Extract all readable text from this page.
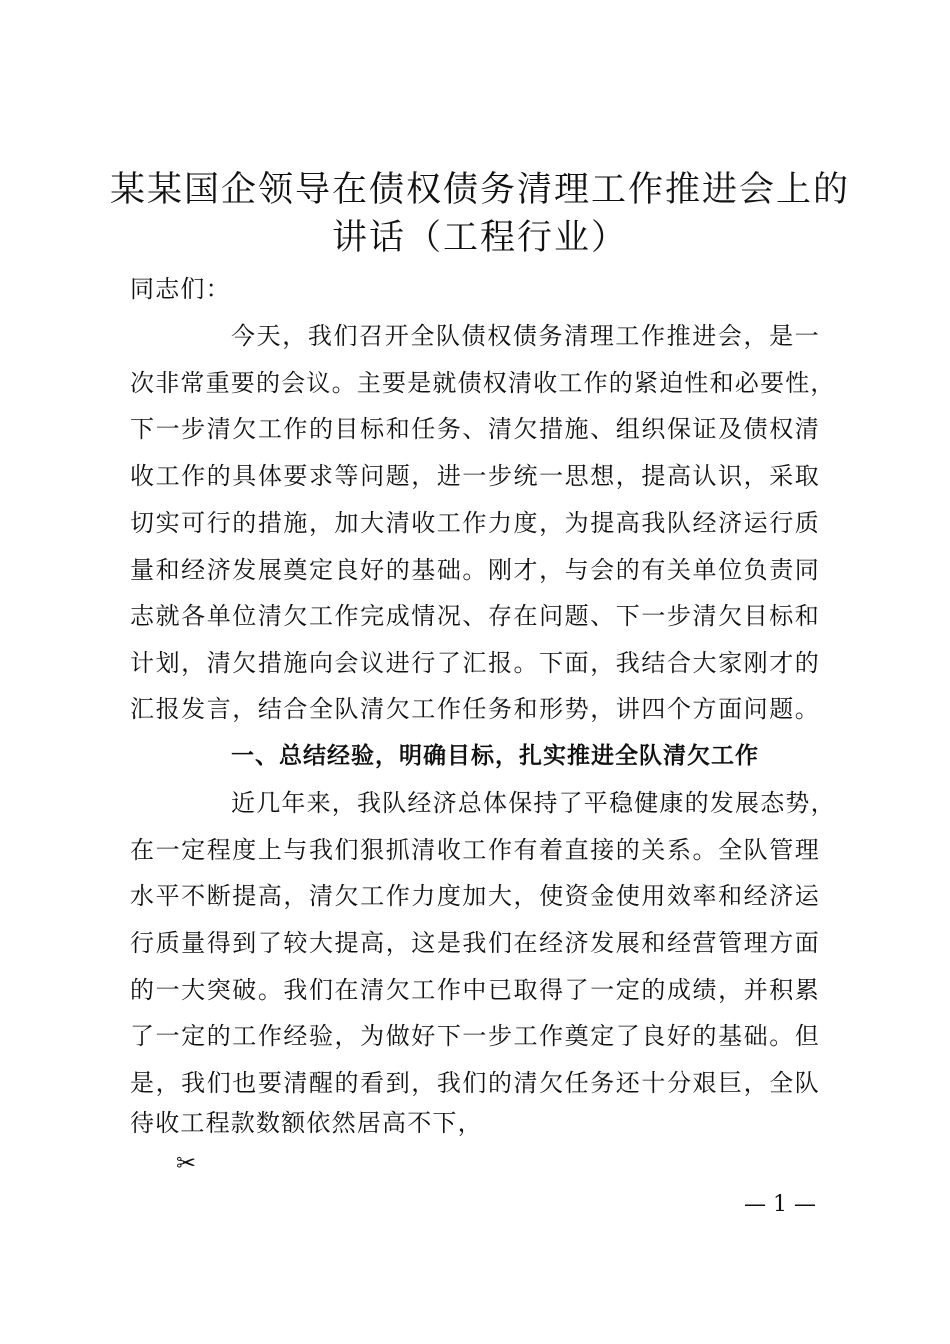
某某国企领导在债权债务清理工作推进会上的
讲话（工程行业）
同志们：
今天，我们召开全队债权债务清理工作推进会，是一
次非常重要的会议。主要是就债权清收工作的紧迫性和必要性，
下一步清欠工作的目标和任务、清欠措施、组织保证及债权清
收工作的具体要求等问题，进一步统一思想，提高认识，采取
切实可行的措施，加大清收工作力度，为提高我队经济运行质
量和经济发展奠定良好的基础。刚才，与会的有关单位负责同
志就各单位清欠工作完成情况、存在问题、下一步清欠目标和
计划，清欠措施向会议进行了汇报。下面，我结合大家刚才的
汇报发言，结合全队清欠工作任务和形势，讲四个方面问题。
一、总结经验，明确目标，扎实推进全队清欠工作
近几年来，我队经济总体保持了平稳健康的发展态势，
在一定程度上与我们狠抓清收工作有着直接的关系。全队管理
水平不断提高，清欠工作力度加大，使资金使用效率和经济运
行质量得到了较大提高，这是我们在经济发展和经营管理方面
的一大突破。我们在清欠工作中已取得了一定的成绩，并积累
了一定的工作经验，为做好下一步工作奠定了良好的基础。但
是，我们也要清醒的看到，我们的清欠任务还十分艰巨，全队
待收工程款数额依然居高不下，
✂
— 1 —
